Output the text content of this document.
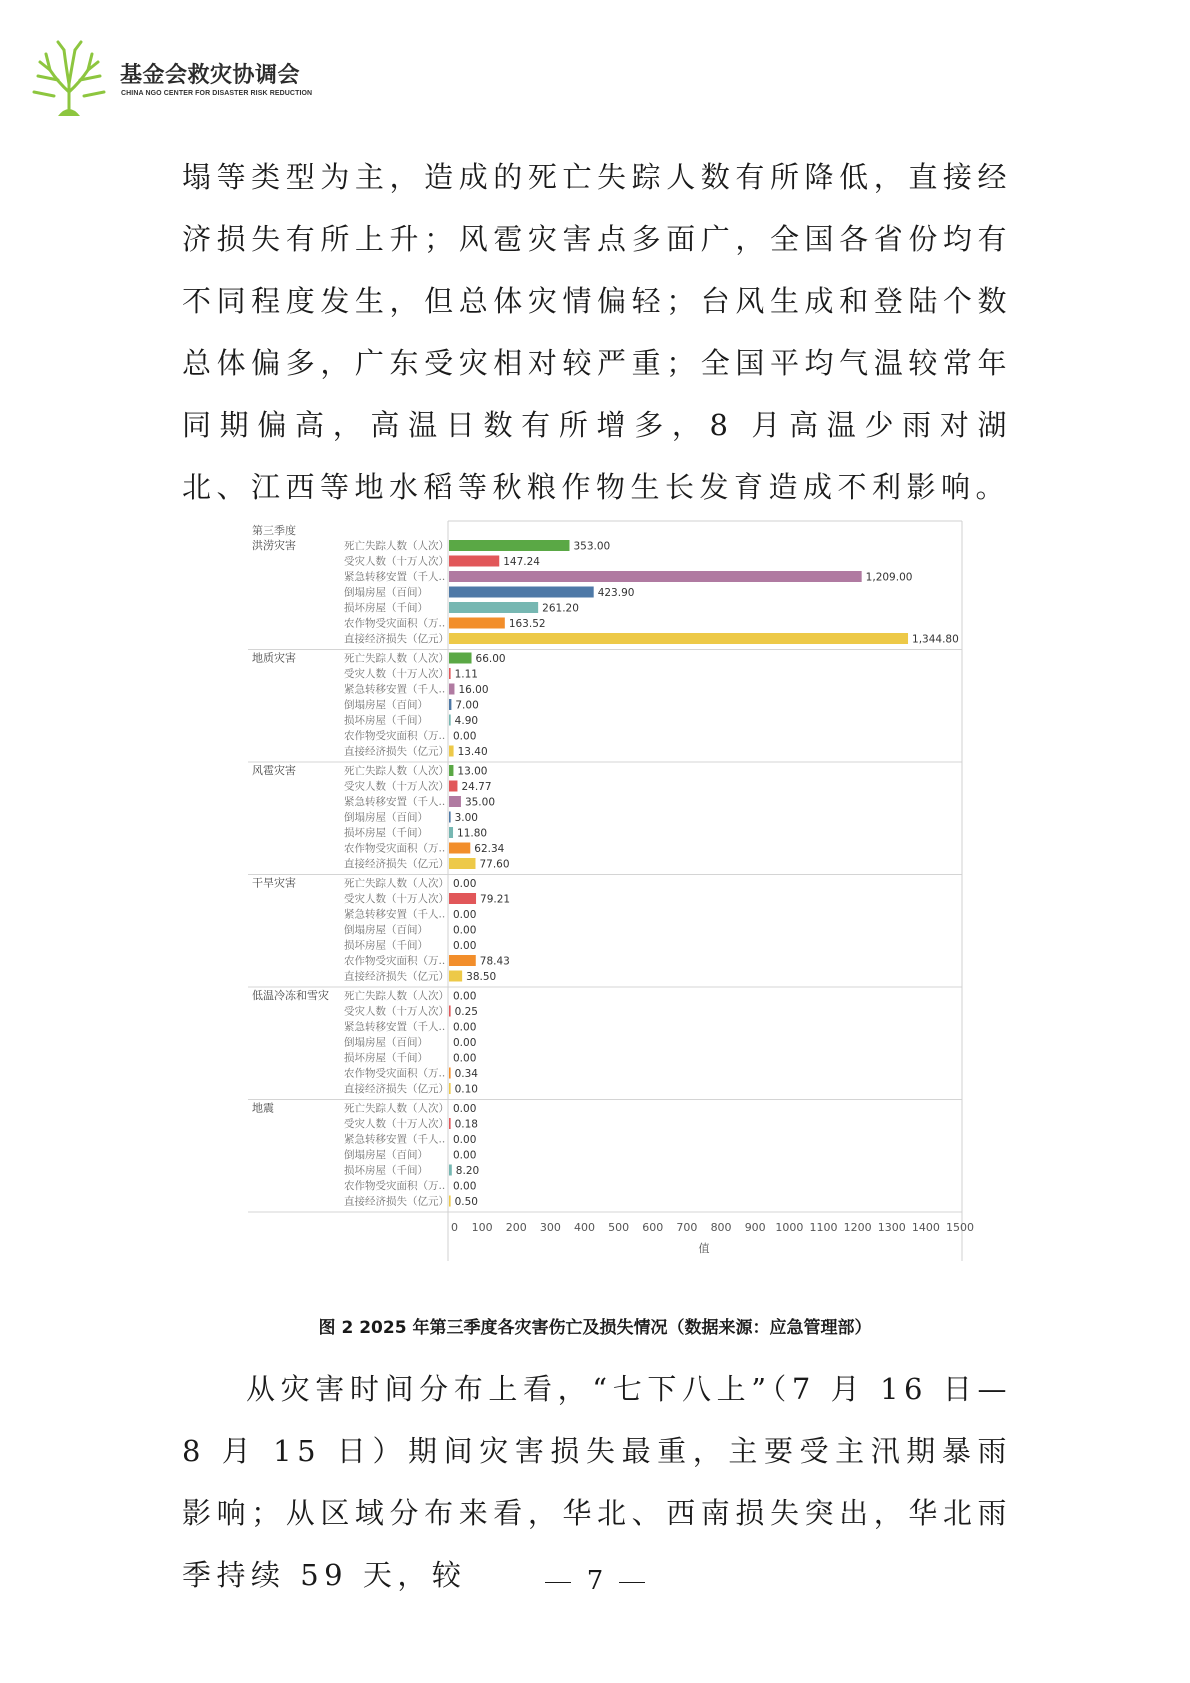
基金会救灾协调会
CHINA NGO CENTER FOR DISASTER RISK REDUCTION

塌等类型为主，造成的死亡失踪人数有所降低，直接经济损失有所上升；风雹灾害点多面广，全国各省份均有不同程度发生，但总体灾情偏轻；台风生成和登陆个数总体偏多，广东受灾相对较严重；全国平均气温较常年同期偏高，高温日数有所增多，8 月高温少雨对湖北、江西等地水稻等秋粮作物生长发育造成不利影响。

第三季度
洪涝灾害	死亡失踪人数（人次）	353.00
受灾人数（十万人次）	147.24
紧急转移安置（千人..	1,209.00
倒塌房屋（百间）	423.90
损坏房屋（千间）	261.20
农作物受灾面积（万..	163.52
直接经济损失（亿元）	1,344.80
地质灾害	死亡失踪人数（人次）	66.00
受灾人数（十万人次） 1.11
紧急转移安置（千人.. 16.00
倒塌房屋（百间）	7.00
损坏房屋（千间）	4.90
农作物受灾面积（万.. 0.00
直接经济损失（亿元） 13.40
风雹灾害	死亡失踪人数（人次） 13.00
受灾人数（十万人次） 24.77
紧急转移安置（千人.. 35.00
倒塌房屋（百间）	3.00
损坏房屋（千间）	11.80
农作物受灾面积（万..	62.34
直接经济损失（亿元）	77.60
干旱灾害	死亡失踪人数（人次） 0.00
受灾人数（十万人次）	79.21
紧急转移安置（千人.. 0.00
倒塌房屋（百间） 0.00
损坏房屋（千间） 0.00
农作物受灾面积（万..	78.43
直接经济损失（亿元） 38.50
低温冷冻和雪灾 死亡失踪人数（人次） 0.00
受灾人数（十万人次） 0.25
紧急转移安置（千人.. 0.00
倒塌房屋（百间） 0.00
损坏房屋（千间） 0.00
农作物受灾面积（万.. 0.34
直接经济损失（亿元） 0.10
地震	死亡失踪人数（人次） 0.00
受灾人数（十万人次） 0.18
紧急转移安置（千人.. 0.00
倒塌房屋（百间） 0.00
损坏房屋（千间）	8.20
农作物受灾面积（万.. 0.00
直接经济损失（亿元） 0.50
0 100 200 300 400 500 600 700 800 900 1000 1100 1200 1300 1400 1500
值
图 2 2025 年第三季度各灾害伤亡及损失情况（数据来源：应急管理部）

从灾害时间分布上看，“七下八上”（7 月 16 日—8 月 15 日）期间灾害损失最重，主要受主汛期暴雨影响；从区域分布来看，华北、西南损失突出，华北雨季持续 59 天，较	7
